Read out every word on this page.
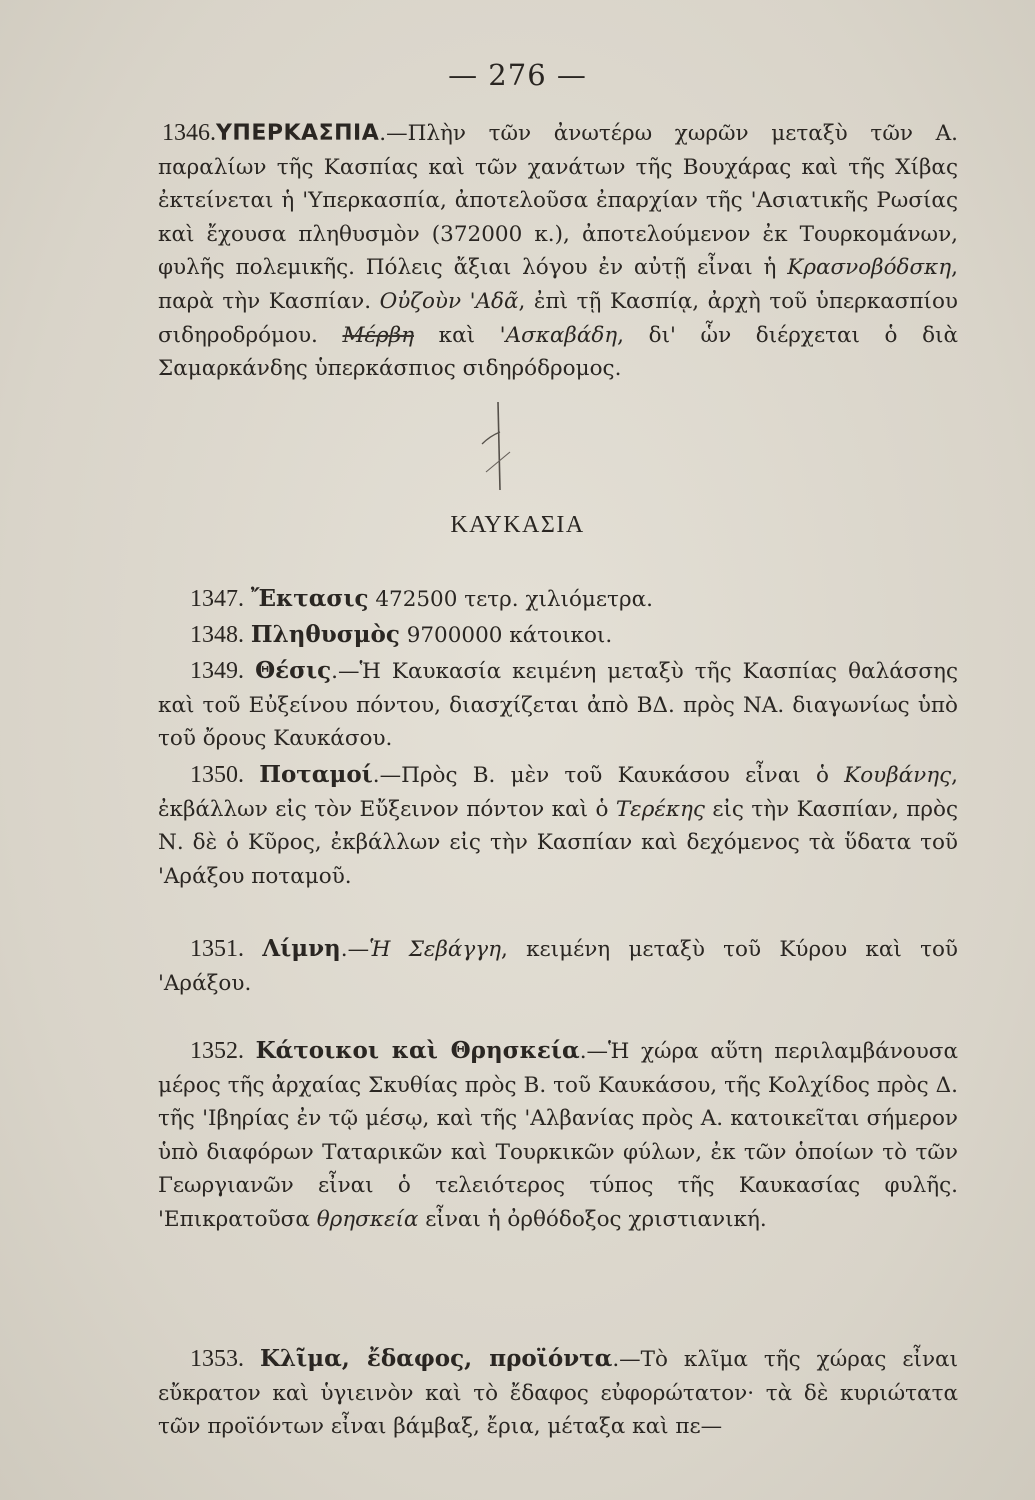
— 276 —
1346.ΥΠΕΡΚΑΣΠΙΑ.—Πλὴν τῶν ἀνωτέρω χωρῶν μεταξὺ τῶν Α. παραλίων τῆς Κασπίας καὶ τῶν χανάτων τῆς Βουχάρας καὶ τῆς Χίβας ἐκτείνεται ἡ 'Υπερκασπία, ἀποτελοῦσα ἐπαρχίαν τῆς 'Ασιατικῆς Ρωσίας καὶ ἔχουσα πληθυσμὸν (372000 κ.), ἀποτελούμενον ἐκ Τουρκομάνων, φυλῆς πολεμικῆς. Πόλεις ἄξιαι λόγου ἐν αὐτῇ εἶναι ἡ Κρασνοβόδσκη, παρὰ τὴν Κασπίαν. Οὐζοὺν 'Αδᾶ, ἐπὶ τῇ Κασπίᾳ, ἀρχὴ τοῦ ὑπερκασπίου σιδηροδρόμου. Μέρβη καὶ 'Ασκαβάδη, δι' ὧν διέρχεται ὁ διὰ Σαμαρκάνδης ὑπερκάσπιος σιδηρόδρομος.
ΚΑΥΚΑΣΙΑ
1347. Ἔκτασις 472500 τετρ. χιλιόμετρα.
1348. Πληθυσμὸς 9700000 κάτοικοι.
1349. Θέσις.—Ἡ Καυκασία κειμένη μεταξὺ τῆς Κασπίας θαλάσσης καὶ τοῦ Εὐξείνου πόντου, διασχίζεται ἀπὸ ΒΔ. πρὸς ΝΑ. διαγωνίως ὑπὸ τοῦ ὄρους Καυκάσου.
1350. Ποταμοί.—Πρὸς Β. μὲν τοῦ Καυκάσου εἶναι ὁ Κουβάνης, ἐκβάλλων εἰς τὸν Εὔξεινον πόντον καὶ ὁ Τερέκης εἰς τὴν Κασπίαν, πρὸς Ν. δὲ ὁ Κῦρος, ἐκβάλλων εἰς τὴν Κασπίαν καὶ δεχόμενος τὰ ὕδατα τοῦ 'Αράξου ποταμοῦ.
1351. Λίμνη.—Ἡ Σεβάγγη, κειμένη μεταξὺ τοῦ Κύρου καὶ τοῦ 'Αράξου.
1352. Κάτοικοι καὶ Θρησκεία.—Ἡ χώρα αὕτη περιλαμβάνουσα μέρος τῆς ἀρχαίας Σκυθίας πρὸς Β. τοῦ Καυκάσου, τῆς Κολχίδος πρὸς Δ. τῆς 'Ιβηρίας ἐν τῷ μέσῳ, καὶ τῆς 'Αλβανίας πρὸς Α. κατοικεῖται σήμερον ὑπὸ διαφόρων Ταταρικῶν καὶ Τουρκικῶν φύλων, ἐκ τῶν ὁποίων τὸ τῶν Γεωργιανῶν εἶναι ὁ τελειότερος τύπος τῆς Καυκασίας φυλῆς. 'Επικρατοῦσα θρησκεία εἶναι ἡ ὀρθόδοξος χριστιανική.
1353. Κλῖμα, ἔδαφος, προϊόντα.—Τὸ κλῖμα τῆς χώρας εἶναι εὔκρατον καὶ ὑγιεινὸν καὶ τὸ ἔδαφος εὐφορώτατον· τὰ δὲ κυριώτατα τῶν προϊόντων εἶναι βάμβαξ, ἔρια, μέταξα καὶ πε—
